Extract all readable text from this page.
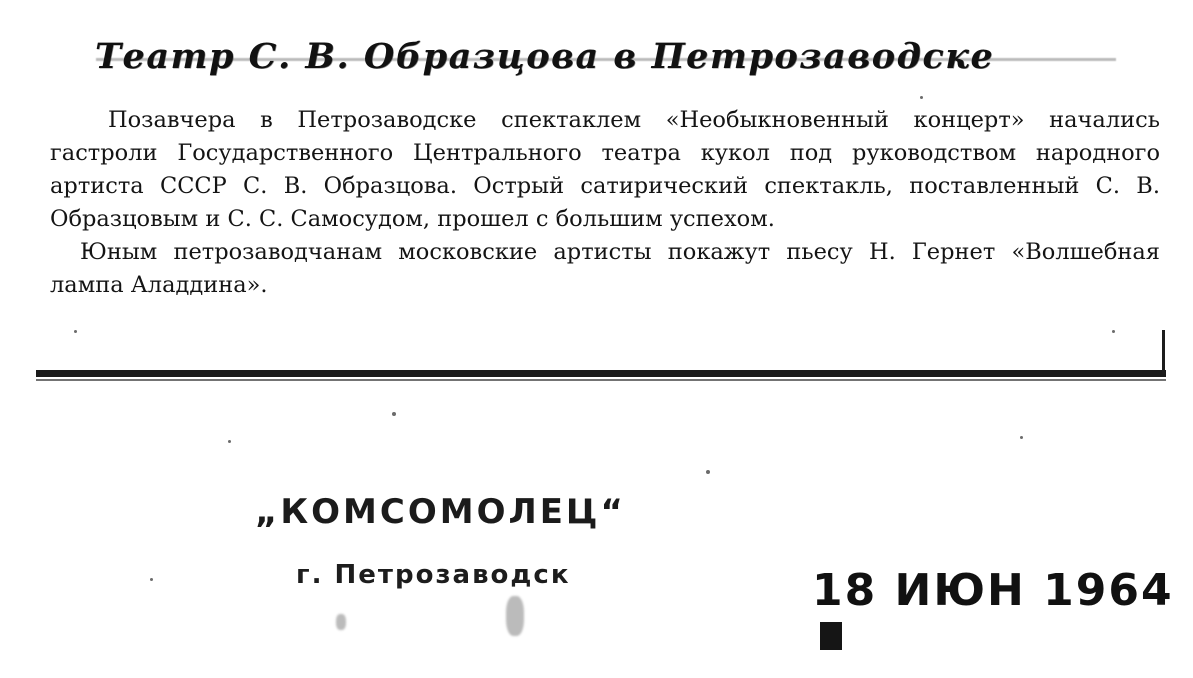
Театр С. В. Образцова в Петрозаводске

Позавчера в Петрозаводске спектаклем «Необыкновенный концерт» начались гастроли Государственного Центрального театра кукол под руководством народного артиста СССР С. В. Образцова. Острый сатирический спектакль, поставленный С. В. Образцовым и С. С. Самосудом, прошел с большим успехом.

Юным петрозаводчанам московские артисты покажут пьесу Н. Гернет «Волшебная лампа Аладдина».

„КОМСОМОЛЕЦ“
г. Петрозаводск	18 ИЮН 1964
